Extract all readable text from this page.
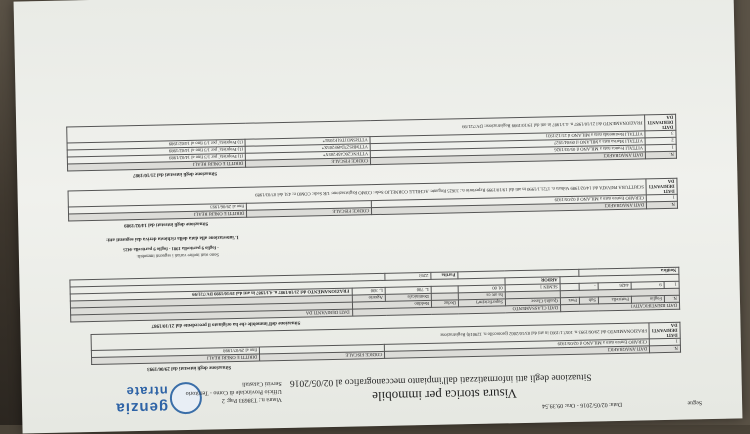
genzia
ntrate
Data: 02/05/2016 - Ora: 09.39.54	Segue
Visura storica per immobile
Situazione degli atti informatizzati dall'impianto meccanografico al 02/05/2016
Visura n.: T38693 Pag: 2
Ufficio Provinciale di Como - Territorio
Servizi Catastali
Situazione degli intestati dal 29/06/1993
N.	DATI ANAGRAFICI	CODICE FISCALE	DIRITTI E ONERI REALI
1	CERARO Enrico nato a MILANO il 02/05/1939		fino al 29/07/1998
DATI DERIVANTI DA	FRAZIONAMENTO del 29/06/1993 n. 1057.1/1993 in atti dal 03/10/2002 (protocollo n. 129018) Registrazione		
Situazione dell'immobile che ha originato il precedente dal 21/10/1987
DATI IDENTIFICATIVI					DATI CLASSAMENTO					DATI DERIVANTI DA
N.	Foglio	Particella	Sub	Porz	Qualità Classe	Superficie(m²)	Deduz	Reddito		
						ha are ca		Dominicale	Agrario	
1	9	4426	-		SEMIN 1	01 00		L. 700	L. 300	FRAZIONAMENTO del 21/10/1987 n. 4.1/1987 in atti dal 19/10/1999 DV/721/99
					ARBOR					
Notifica							Partita	2293		
Sono stati inoltre variati i seguenti immobili:
- foglio 9 particella 1981 - foglio 9 particella 4425
L'intestazione alla data della richiesta deriva dai seguenti atti:
Situazione degli intestati dal 14/02/1989
N.	DATI ANAGRAFICI	CODICE FISCALE	DIRITTI E ONERI REALI
1	CERARO Enrico nato a MILANO il 02/05/1939		fino al 29/06/1993
DATI DERIVANTI DA	SCRITTURA PRIVATA del 14/02/1989 Voltura n. 1721.1/1990 in atti dal 19/10/1999 Repertorio n.: 33625 Rogante: ACHILLE CORNELIO Sede: COMO Registrazione: UR Sede: COMO n: 431 del 07/03/1989		
Situazione degli intestati dal 21/10/1987
N.	DATI ANAGRAFICI	CODICE FISCALE	DIRITTI E ONERI REALI
1	VITTALI Franca nata a MILANO il 05/03/1926	VTTFNC26C45F205Y*	(1) Proprieta` per 1/3 fino al 14/02/1989
2	VITTALI Marisa nata a MILANO il 09/04/1927	VTTMRS27D49F205X*	(1) Proprieta` per 1/3 fino al 14/02/1989
3	VITTALI Rosimonda nata a MILANO il 21/12/1931	VTTRSM31T61F205E*	(1) Proprieta` per 1/3 fino al 14/02/1989
DATI DERIVANTI DA	FRAZIONAMENTO del 21/10/1987 n. 4.1/1987 in atti dal 19/10/1999 Registrazione: DV/721/99		
